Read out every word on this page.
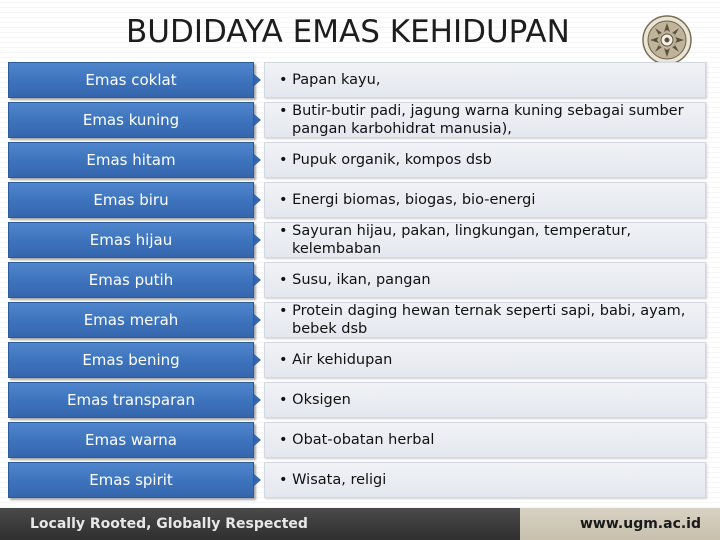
BUDIDAYA EMAS KEHIDUPAN
Emas coklat	• Papan kayu,
Emas kuning	• Butir-butir padi, jagung warna kuning sebagai sumber pangan karbohidrat manusia),
Emas hitam	• Pupuk organik, kompos dsb
Emas biru	• Energi biomas, biogas, bio-energi
Emas hijau	• Sayuran hijau, pakan, lingkungan, temperatur, kelembaban
Emas putih	• Susu, ikan, pangan
Emas merah	• Protein daging hewan ternak seperti sapi, babi, ayam, bebek dsb
Emas bening	• Air kehidupan
Emas transparan	• Oksigen
Emas warna	• Obat-obatan herbal
Emas spirit	• Wisata, religi
Locally Rooted, Globally Respected	www.ugm.ac.id
